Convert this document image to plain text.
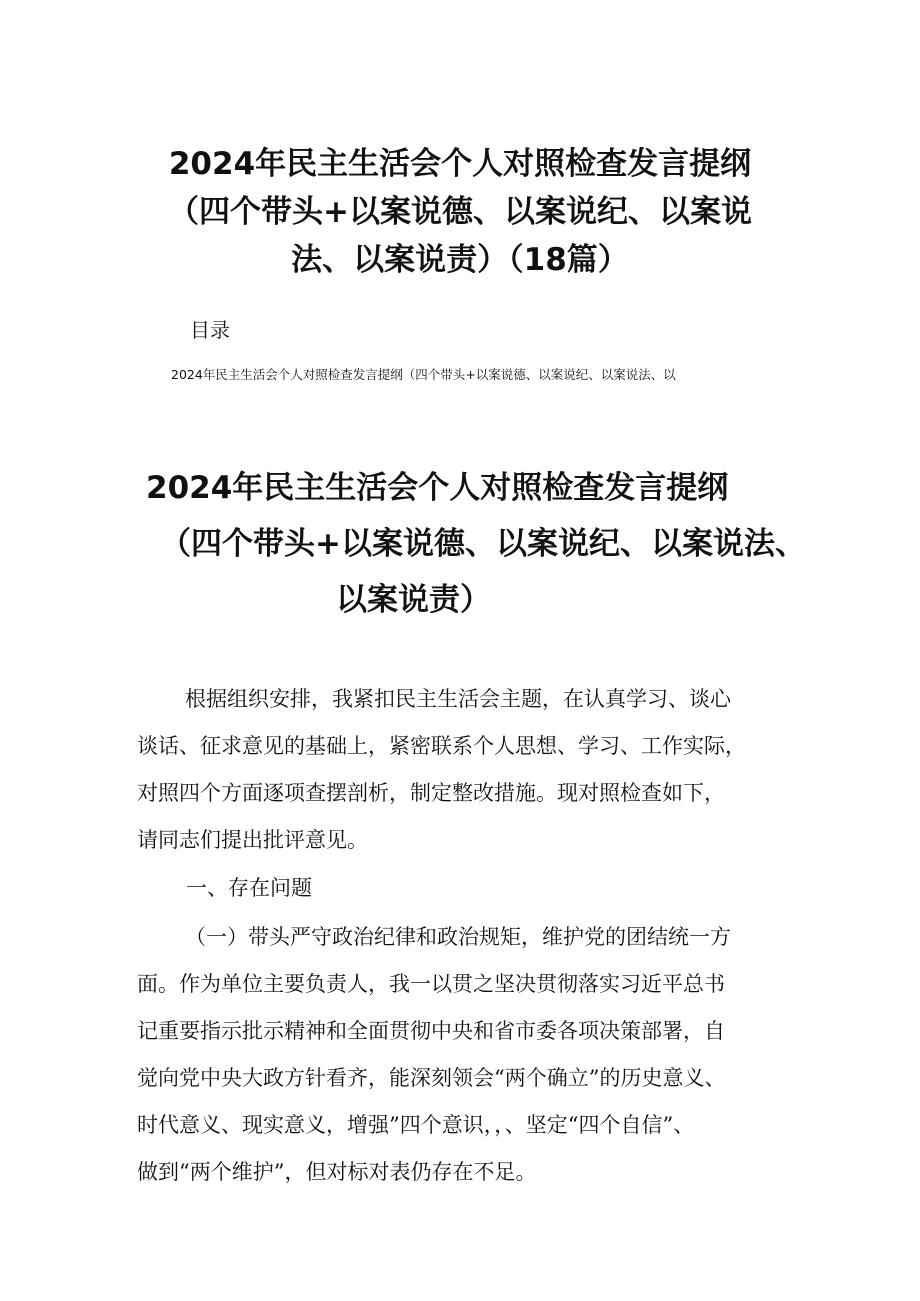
2024年民主生活会个人对照检查发言提纲
（四个带头+以案说德、以案说纪、以案说
法、以案说责）（18篇）
目录
2024年民主生活会个人对照检查发言提纲（四个带头+以案说德、以案说纪、以案说法、以
2024年民主生活会个人对照检查发言提纲
（四个带头+以案说德、以案说纪、以案说法、
以案说责）

根据组织安排，我紧扣民主生活会主题，在认真学习、谈心
谈话、征求意见的基础上，紧密联系个人思想、学习、工作实际，
对照四个方面逐项查摆剖析，制定整改措施。现对照检查如下，
请同志们提出批评意见。

一、存在问题

（一）带头严守政治纪律和政治规矩，维护党的团结统一方
面。作为单位主要负责人，我一以贯之坚决贯彻落实习近平总书
记重要指示批示精神和全面贯彻中央和省市委各项决策部署，自
觉向党中央大政方针看齐，能深刻领会“两个确立”的历史意义、
时代意义、现实意义，增强”四个意识，，、坚定“四个自信”、
做到“两个维护”，但对标对表仍存在不足。
